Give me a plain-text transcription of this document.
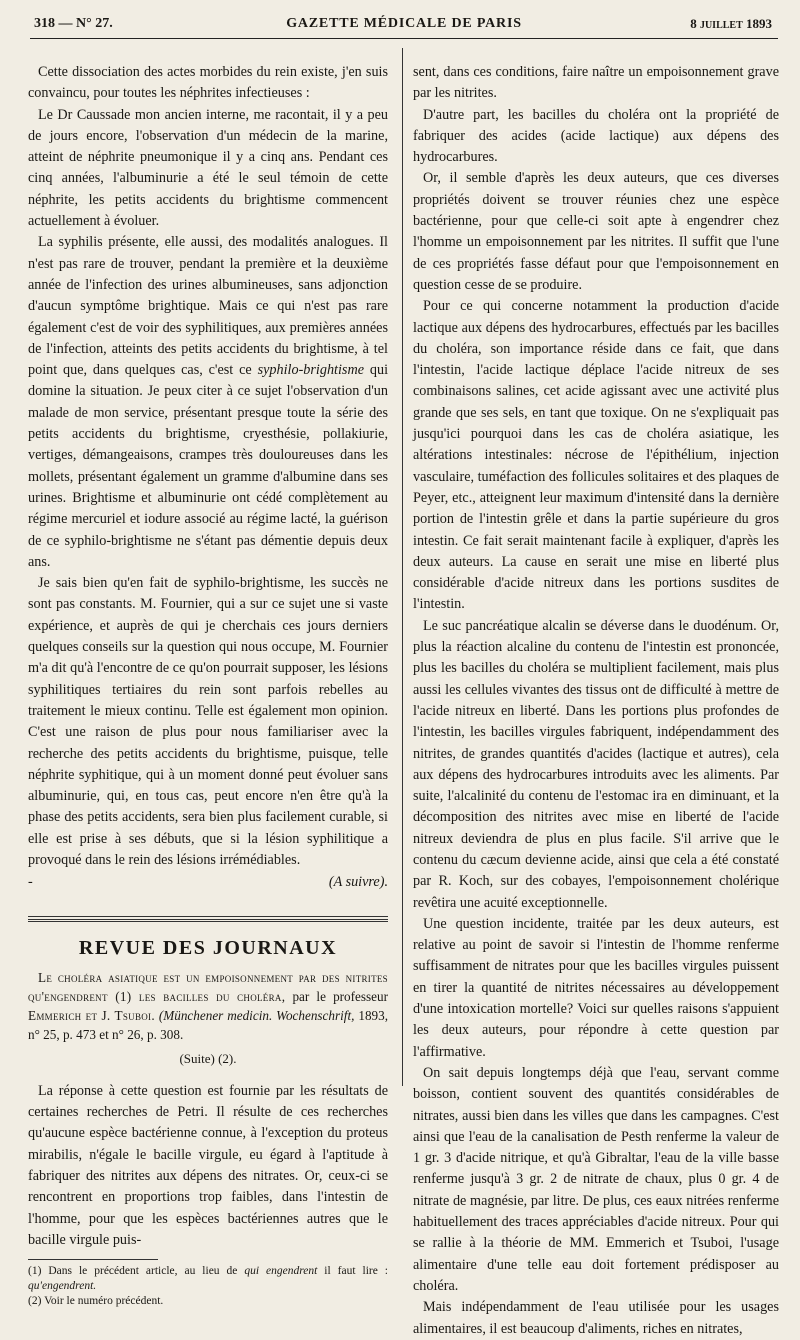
318 — N° 27.	GAZETTE MÉDICALE DE PARIS	8 JUILLET 1893

Cette dissociation des actes morbides du rein existe, j'en suis convaincu, pour toutes les néphrites infectieuses :

Le Dr Caussade mon ancien interne, me racontait, il y a peu de jours encore, l'observation d'un médecin de la marine, atteint de néphrite pneumonique il y a cinq ans. Pendant ces cinq années, l'albuminurie a été le seul témoin de cette néphrite, les petits accidents du brightisme commencent actuellement à évoluer.

La syphilis présente, elle aussi, des modalités analogues. Il n'est pas rare de trouver, pendant la première et la deuxième année de l'infection des urines albumineuses, sans adjonction d'aucun symptôme brightique. Mais ce qui n'est pas rare également c'est de voir des syphilitiques, aux premières années de l'infection, atteints des petits accidents du brightisme, à tel point que, dans quelques cas, c'est ce syphilo-brightisme qui domine la situation. Je peux citer à ce sujet l'observation d'un malade de mon service, présentant presque toute la série des petits accidents du brightisme, cryesthésie, pollakiurie, vertiges, démangeaisons, crampes très douloureuses dans les mollets, présentant également un gramme d'albumine dans ses urines. Brightisme et albuminurie ont cédé complètement au régime mercuriel et iodure associé au régime lacté, la guérison de ce syphilo-brightisme ne s'étant pas démentie depuis deux ans.

Je sais bien qu'en fait de syphilo-brightisme, les succès ne sont pas constants. M. Fournier, qui a sur ce sujet une si vaste expérience, et auprès de qui je cherchais ces jours derniers quelques conseils sur la question qui nous occupe, M. Fournier m'a dit qu'à l'encontre de ce qu'on pourrait supposer, les lésions syphilitiques tertiaires du rein sont parfois rebelles au traitement le mieux continu. Telle est également mon opinion. C'est une raison de plus pour nous familiariser avec la recherche des petits accidents du brightisme, puisque, telle néphrite syphitique, qui à un moment donné peut évoluer sans albuminurie, qui, en tous cas, peut encore n'en être qu'à la phase des petits accidents, sera bien plus facilement curable, si elle est prise à ses débuts, que si la lésion syphilitique a provoqué dans le rein des lésions irrémédiables.

- (A suivre).
REVUE DES JOURNAUX

Le choléra asiatique est un empoisonnement par des nitrites qu'engendrent (1) les bacilles du choléra, par le professeur Emmerich et J. Tsuboi. (Münchener medicin. Wochenschrift, 1893, n° 25, p. 473 et n° 26, p. 308.

(Suite) (2).

La réponse à cette question est fournie par les résultats de certaines recherches de Petri. Il résulte de ces recherches qu'aucune espèce bactérienne connue, à l'exception du proteus mirabilis, n'égale le bacille virgule, eu égard à l'aptitude à fabriquer des nitrites aux dépens des nitrates. Or, ceux-ci se rencontrent en proportions trop faibles, dans l'intestin de l'homme, pour que les espèces bactériennes autres que le bacille virgule puis-

(1) Dans le précédent article, au lieu de qui engendrent il faut lire : qu'engendrent.

(2) Voir le numéro précédent.

sent, dans ces conditions, faire naître un empoisonnement grave par les nitrites.

D'autre part, les bacilles du choléra ont la propriété de fabriquer des acides (acide lactique) aux dépens des hydrocarbures.

Or, il semble d'après les deux auteurs, que ces diverses propriétés doivent se trouver réunies chez une espèce bactérienne, pour que celle-ci soit apte à engendrer chez l'homme un empoisonnement par les nitrites. Il suffit que l'une de ces propriétés fasse défaut pour que l'empoisonnement en question cesse de se produire.

Pour ce qui concerne notamment la production d'acide lactique aux dépens des hydrocarbures, effectués par les bacilles du choléra, son importance réside dans ce fait, que dans l'intestin, l'acide lactique déplace l'acide nitreux de ses combinaisons salines, cet acide agissant avec une activité plus grande que ses sels, en tant que toxique. On ne s'expliquait pas jusqu'ici pourquoi dans les cas de choléra asiatique, les altérations intestinales: nécrose de l'épithélium, injection vasculaire, tuméfaction des follicules solitaires et des plaques de Peyer, etc., atteignent leur maximum d'intensité dans la dernière portion de l'intestin grêle et dans la partie supérieure du gros intestin. Ce fait serait maintenant facile à expliquer, d'après les deux auteurs. La cause en serait une mise en liberté plus considérable d'acide nitreux dans les portions susdites de l'intestin.

Le suc pancréatique alcalin se déverse dans le duodénum. Or, plus la réaction alcaline du contenu de l'intestin est prononcée, plus les bacilles du choléra se multiplient facilement, mais plus aussi les cellules vivantes des tissus ont de difficulté à mettre de l'acide nitreux en liberté. Dans les portions plus profondes de l'intestin, les bacilles virgules fabriquent, indépendamment des nitrites, de grandes quantités d'acides (lactique et autres), cela aux dépens des hydrocarbures introduits avec les aliments. Par suite, l'alcalinité du contenu de l'estomac ira en diminuant, et la décomposition des nitrites avec mise en liberté de l'acide nitreux deviendra de plus en plus facile. S'il arrive que le contenu du cæcum devienne acide, ainsi que cela a été constaté par R. Koch, sur des cobayes, l'empoisonnement cholérique revêtira une acuité exceptionnelle.

Une question incidente, traitée par les deux auteurs, est relative au point de savoir si l'intestin de l'homme renferme suffisamment de nitrates pour que les bacilles virgules puissent en tirer la quantité de nitrites nécessaires au développement d'une intoxication mortelle? Voici sur quelles raisons s'appuient les deux auteurs, pour répondre à cette question par l'affirmative.

On sait depuis longtemps déjà que l'eau, servant comme boisson, contient souvent des quantités considérables de nitrates, aussi bien dans les villes que dans les campagnes. C'est ainsi que l'eau de la canalisation de Pesth renferme la valeur de 1 gr. 3 d'acide nitrique, et qu'à Gibraltar, l'eau de la ville basse renferme jusqu'à 3 gr. 2 de nitrate de chaux, plus 0 gr. 4 de nitrate de magnésie, par litre. De plus, ces eaux nitrées renferme habituellement des traces appréciables d'acide nitreux. Pour qui se rallie à la théorie de MM. Emmerich et Tsuboi, l'usage alimentaire d'une telle eau doit fortement prédisposer au choléra.

Mais indépendamment de l'eau utilisée pour les usages alimentaires, il est beaucoup d'aliments, riches en nitrates,
